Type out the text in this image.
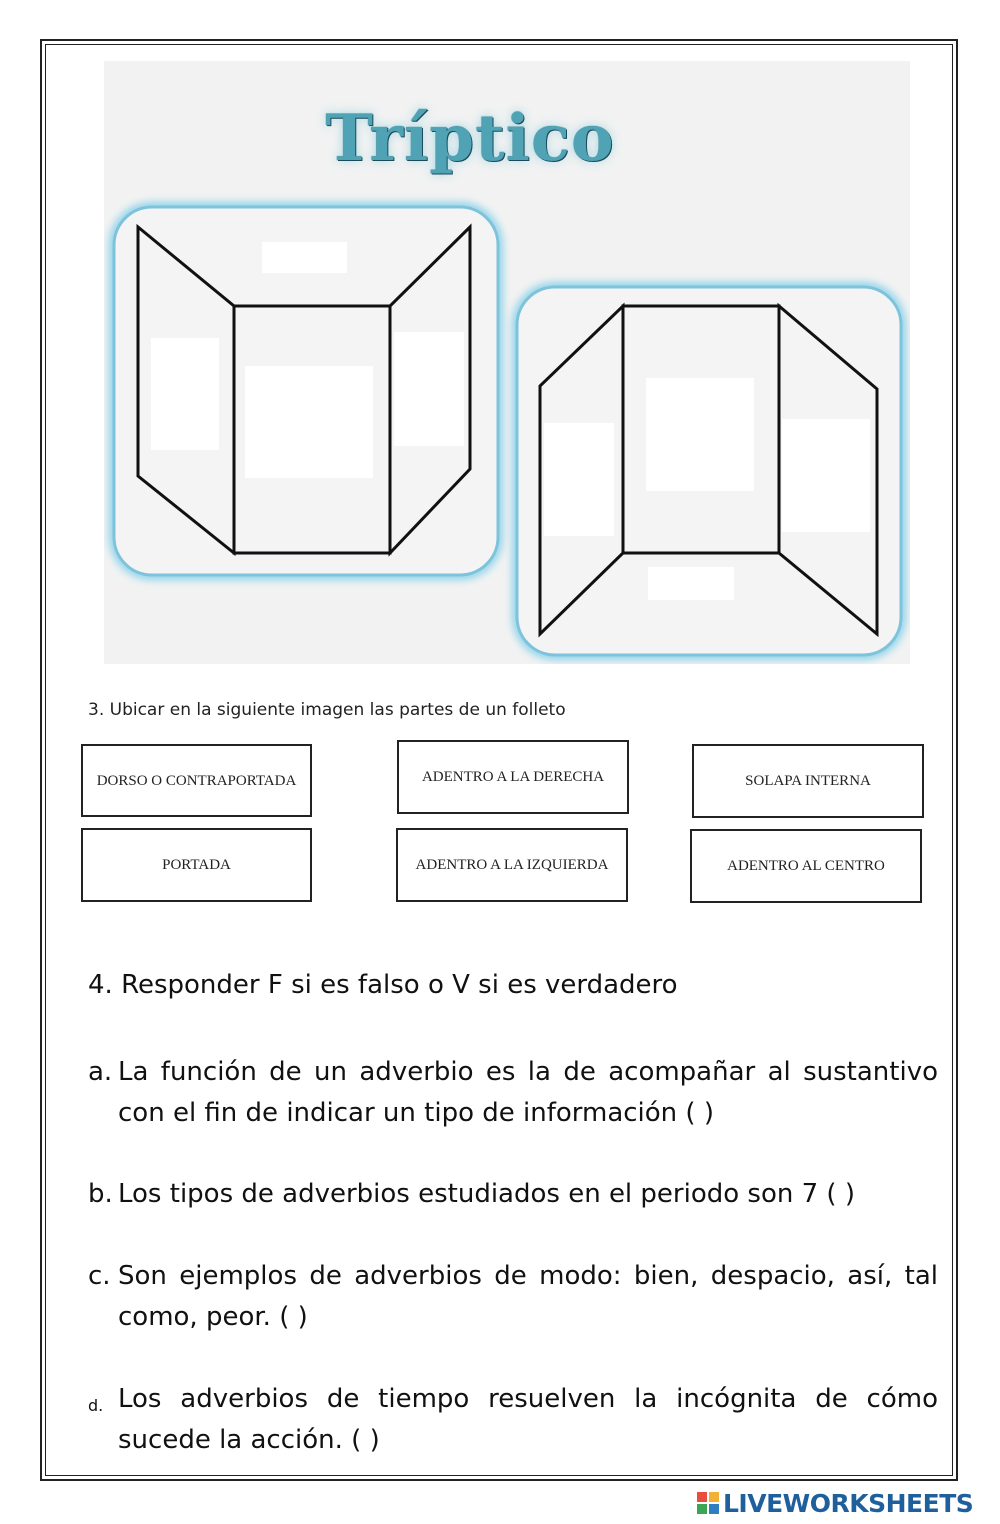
Tríptico
3. Ubicar en la siguiente imagen las partes de un folleto
DORSO O CONTRAPORTADA	ADENTRO A LA DERECHA	SOLAPA INTERNA
PORTADA	ADENTRO A LA IZQUIERDA	ADENTRO AL CENTRO
4. Responder F si es falso o V si es verdadero
a. La función de un adverbio es la de acompañar al sustantivo con el fin de indicar un tipo de información ( )
b. Los tipos de adverbios estudiados en el periodo son 7 ( )
c. Son ejemplos de adverbios de modo: bien, despacio, así, tal como, peor. ( )
d. Los adverbios de tiempo resuelven la incógnita de cómo sucede la acción. ( )
LIVEWORKSHEETS
